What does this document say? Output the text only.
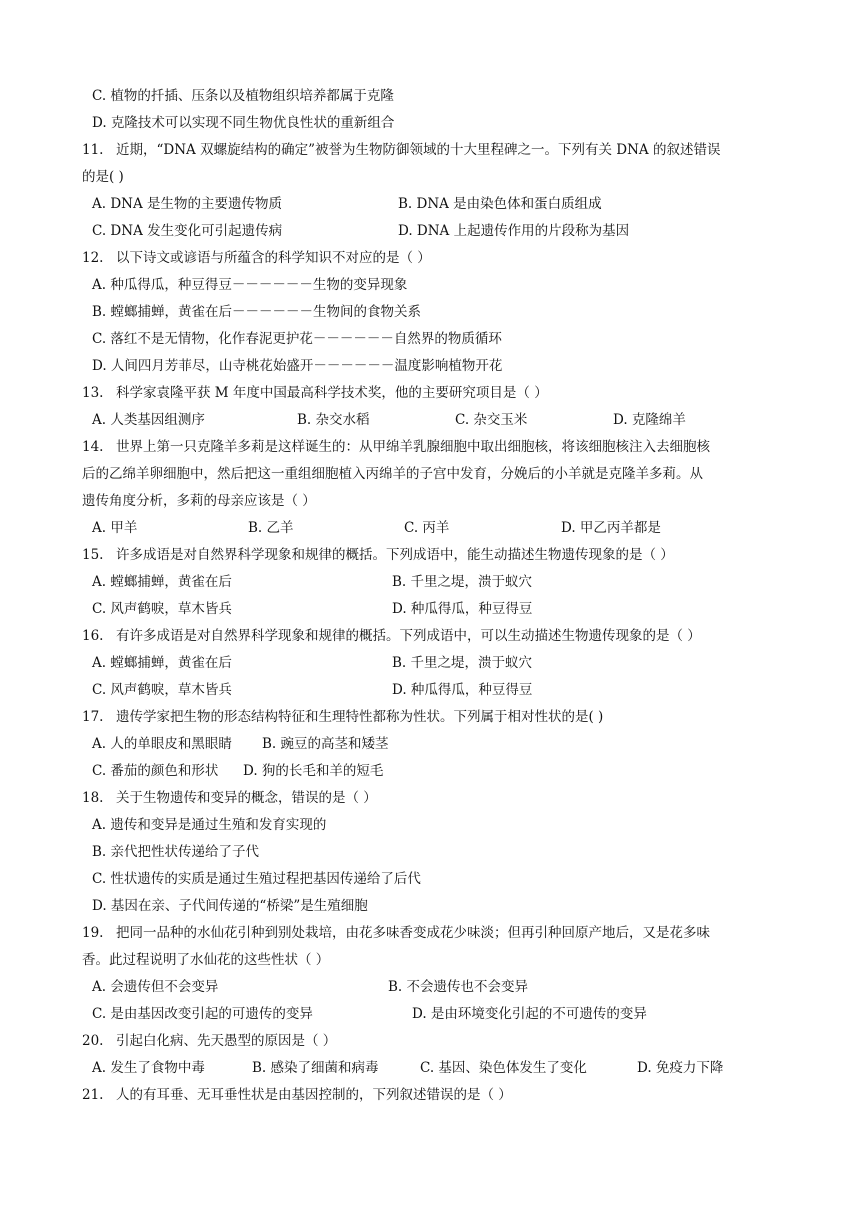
C. 植物的扦插、压条以及植物组织培养都属于克隆
D. 克隆技术可以实现不同生物优良性状的重新组合
11. 近期，“DNA 双螺旋结构的确定”被誉为生物防御领域的十大里程碑之一。下列有关 DNA 的叙述错误
的是( )
A. DNA 是生物的主要遗传物质	B. DNA 是由染色体和蛋白质组成
C. DNA 发生变化可引起遗传病	D. DNA 上起遗传作用的片段称为基因
12. 以下诗文或谚语与所蕴含的科学知识不对应的是（ ）
A. 种瓜得瓜，种豆得豆－－－－－－生物的变异现象
B. 螳螂捕蝉，黄雀在后－－－－－－生物间的食物关系
C. 落红不是无情物，化作春泥更护花－－－－－－自然界的物质循环
D. 人间四月芳菲尽，山寺桃花始盛开－－－－－－温度影响植物开花
13. 科学家袁隆平获 M 年度中国最高科学技术奖，他的主要研究项目是（ ）
A. 人类基因组测序	B. 杂交水稻	C. 杂交玉米	D. 克隆绵羊
14. 世界上第一只克隆羊多莉是这样诞生的：从甲绵羊乳腺细胞中取出细胞核，将该细胞核注入去细胞核
后的乙绵羊卵细胞中，然后把这一重组细胞植入丙绵羊的子宫中发育，分娩后的小羊就是克隆羊多莉。从
遗传角度分析，多莉的母亲应该是（ ）
A. 甲羊	B. 乙羊	C. 丙羊	D. 甲乙丙羊都是
15. 许多成语是对自然界科学现象和规律的概括。下列成语中，能生动描述生物遗传现象的是（ ）
A. 螳螂捕蝉，黄雀在后	B. 千里之堤，溃于蚁穴
C. 风声鹤唳，草木皆兵	D. 种瓜得瓜，种豆得豆
16. 有许多成语是对自然界科学现象和规律的概括。下列成语中，可以生动描述生物遗传现象的是（ ）
A. 螳螂捕蝉，黄雀在后	B. 千里之堤，溃于蚁穴
C. 风声鹤唳，草木皆兵	D. 种瓜得瓜，种豆得豆
17. 遗传学家把生物的形态结构特征和生理特性都称为性状。下列属于相对性状的是( )
A. 人的单眼皮和黑眼睛 B. 豌豆的高茎和矮茎
C. 番茄的颜色和形状 D. 狗的长毛和羊的短毛
18. 关于生物遗传和变异的概念，错误的是（ ）
A. 遗传和变异是通过生殖和发育实现的
B. 亲代把性状传递给了子代
C. 性状遗传的实质是通过生殖过程把基因传递给了后代
D. 基因在亲、子代间传递的“桥梁”是生殖细胞
19. 把同一品种的水仙花引种到别处栽培，由花多味香变成花少味淡；但再引种回原产地后，又是花多味
香。此过程说明了水仙花的这些性状（ ）
A. 会遗传但不会变异	B. 不会遗传也不会变异
C. 是由基因改变引起的可遗传的变异	D. 是由环境变化引起的不可遗传的变异
20. 引起白化病、先天愚型的原因是（ ）
A. 发生了食物中毒	B. 感染了细菌和病毒	C. 基因、染色体发生了变化	D. 免疫力下降
21. 人的有耳垂、无耳垂性状是由基因控制的，下列叙述错误的是（ ）
